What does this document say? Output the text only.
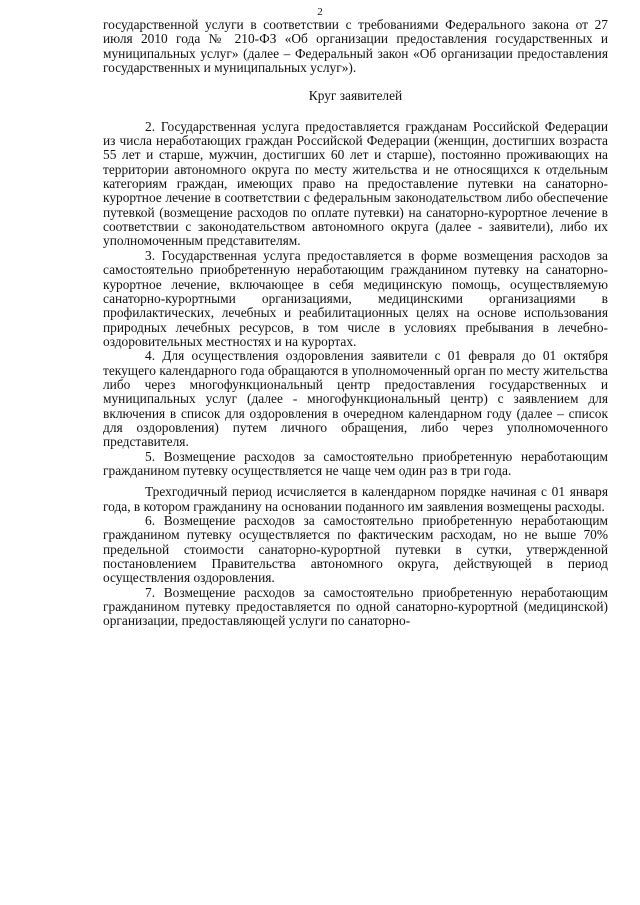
2

государственной услуги в соответствии с требованиями Федерального закона от 27 июля 2010 года № 210-ФЗ «Об организации предоставления государственных и муниципальных услуг» (далее – Федеральный закон «Об организации предоставления государственных и муниципальных услуг»).

Круг заявителей

2. Государственная услуга предоставляется гражданам Российской Федерации из числа неработающих граждан Российской Федерации (женщин, достигших возраста 55 лет и старше, мужчин, достигших 60 лет и старше), постоянно проживающих на территории автономного округа по месту жительства и не относящихся к отдельным категориям граждан, имеющих право на предоставление путевки на санаторно-курортное лечение в соответствии с федеральным законодательством либо обеспечение путевкой (возмещение расходов по оплате путевки) на санаторно-курортное лечение в соответствии с законодательством автономного округа (далее - заявители), либо их уполномоченным представителям.

3. Государственная услуга предоставляется в форме возмещения расходов за самостоятельно приобретенную неработающим гражданином путевку на санаторно-курортное лечение, включающее в себя медицинскую помощь, осуществляемую санаторно-курортными организациями, медицинскими организациями в профилактических, лечебных и реабилитационных целях на основе использования природных лечебных ресурсов, в том числе в условиях пребывания в лечебно-оздоровительных местностях и на курортах.

4. Для осуществления оздоровления заявители с 01 февраля до 01 октября текущего календарного года обращаются в уполномоченный орган по месту жительства либо через многофункциональный центр предоставления государственных и муниципальных услуг (далее - многофункциональный центр) с заявлением для включения в список для оздоровления в очередном календарном году (далее – список для оздоровления) путем личного обращения, либо через уполномоченного представителя.

5. Возмещение расходов за самостоятельно приобретенную неработающим гражданином путевку осуществляется не чаще чем один раз в три года.

Трехгодичный период исчисляется в календарном порядке начиная с 01 января года, в котором гражданину на основании поданного им заявления возмещены расходы.

6. Возмещение расходов за самостоятельно приобретенную неработающим гражданином путевку осуществляется по фактическим расходам, но не выше 70% предельной стоимости санаторно-курортной путевки в сутки, утвержденной постановлением Правительства автономного округа, действующей в период осуществления оздоровления.

7. Возмещение расходов за самостоятельно приобретенную неработающим гражданином путевку предоставляется по одной санаторно-курортной (медицинской) организации, предоставляющей услуги по санаторно-
